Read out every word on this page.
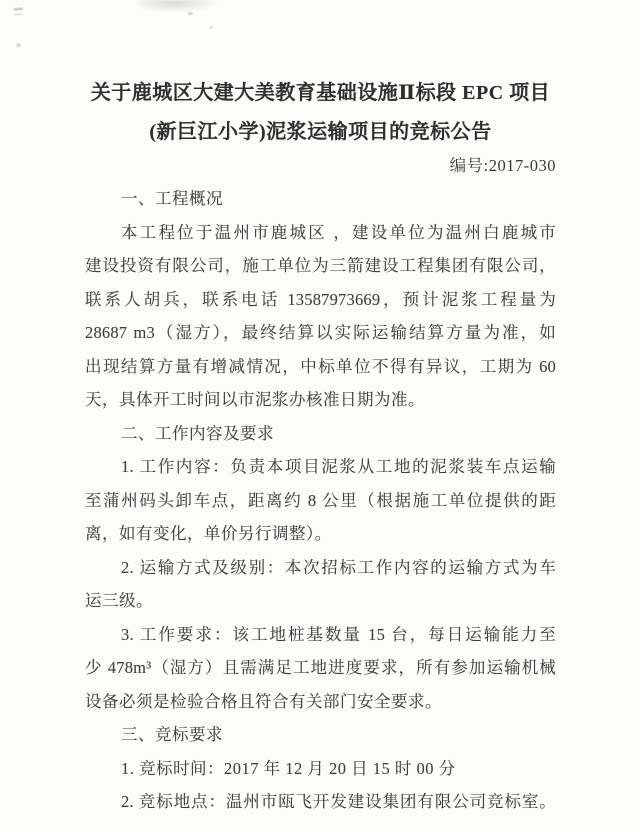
关于鹿城区大建大美教育基础设施Ⅱ标段 EPC 项目
(新巨江小学)泥浆运输项目的竞标公告
编号:2017-030
一、工程概况
本工程位于温州市鹿城区 ，建设单位为温州白鹿城市
建设投资有限公司，施工单位为三箭建设工程集团有限公司，
联系人胡兵，联系电话 13587973669，预计泥浆工程量为
28687 m3（湿方），最终结算以实际运输结算方量为准，如
出现结算方量有增减情况，中标单位不得有异议，工期为 60
天，具体开工时间以市泥浆办核准日期为准。
二、工作内容及要求
1. 工作内容：负责本项目泥浆从工地的泥浆装车点运输
至蒲州码头卸车点，距离约 8 公里（根据施工单位提供的距
离，如有变化，单价另行调整）。
2. 运输方式及级别：本次招标工作内容的运输方式为车
运三级。
3. 工作要求：该工地桩基数量 15 台，每日运输能力至
少 478m³（湿方）且需满足工地进度要求，所有参加运输机械
设备必须是检验合格且符合有关部门安全要求。
三、竞标要求
1. 竞标时间：2017 年 12 月 20 日 15 时 00 分
2. 竞标地点：温州市瓯飞开发建设集团有限公司竞标室。
